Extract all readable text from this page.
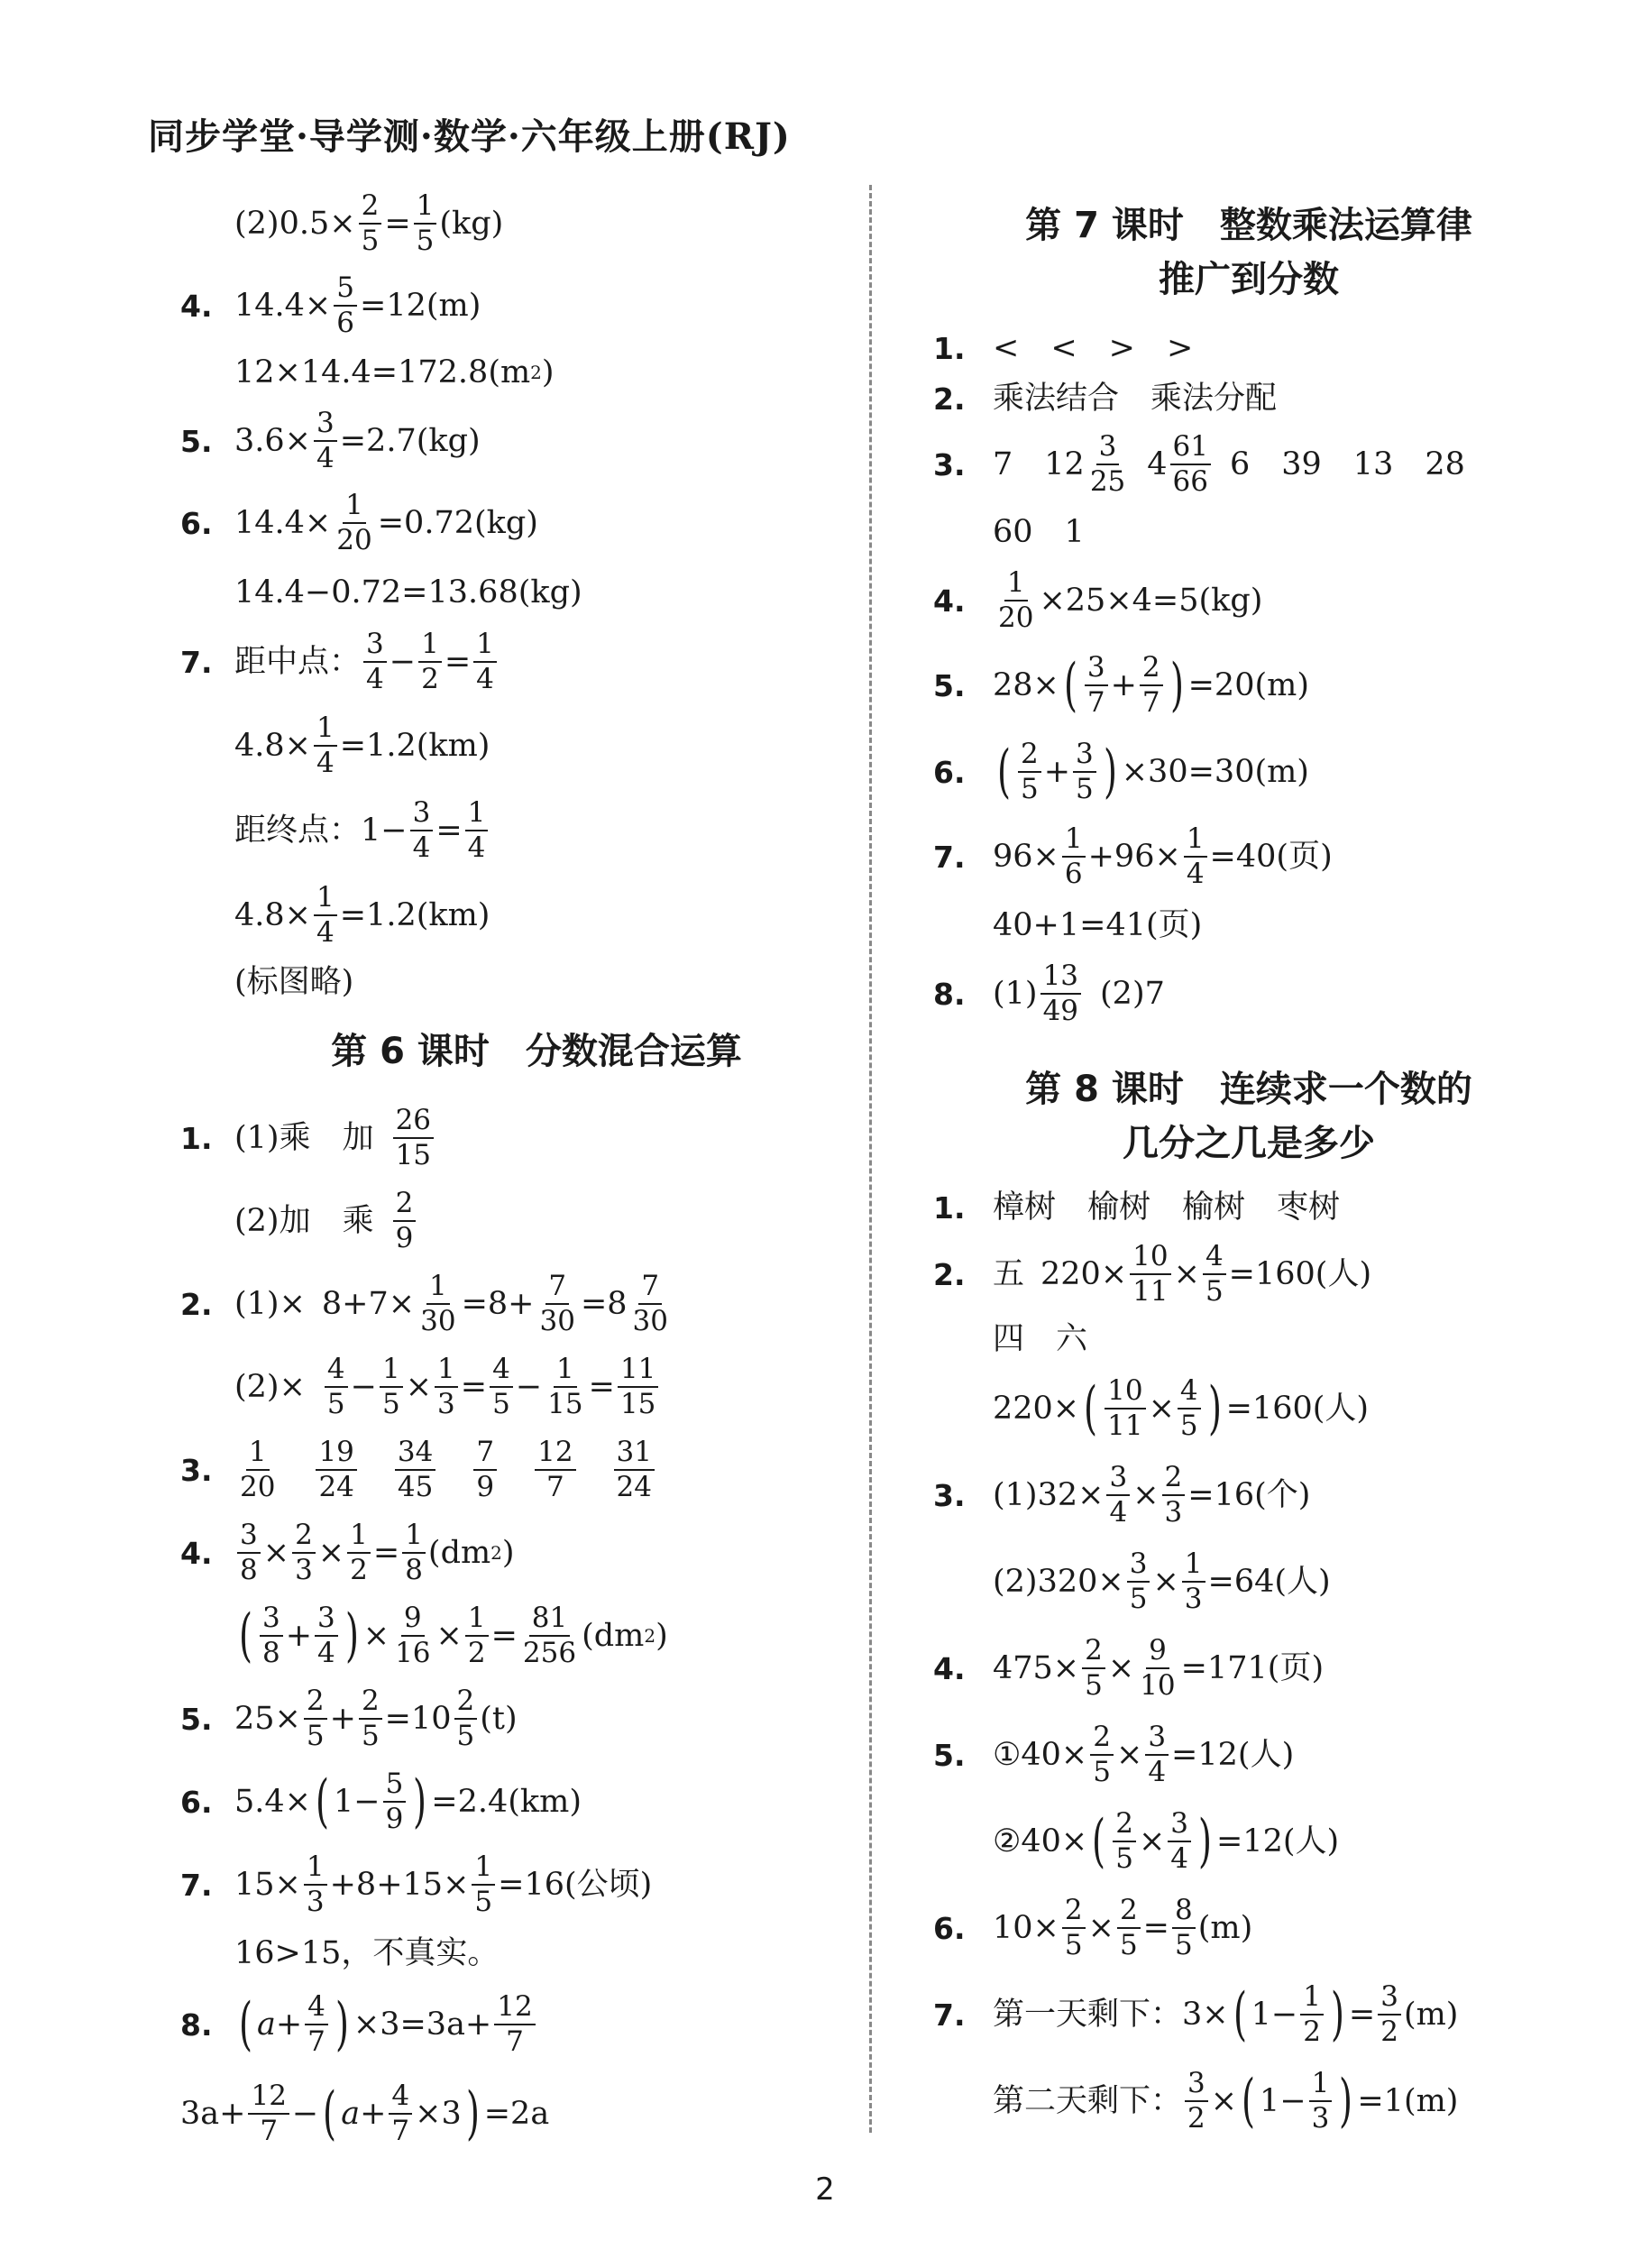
同步学堂·导学测·数学·六年级上册(RJ)
$(2)0.5\times \frac{2}{5} = \frac{1}{5} (kg)$
4. $14.4\times \frac{5}{6} =12(m)$
12×14.4=172.8(m 2 )
5. $3.6\times \frac{3}{4} =2.7(kg)$
6. $14.4\times \frac{1}{20} =0.72(kg)$
14.4−0.72=13.68(kg)
7. 距中点： $\frac{3}{4} - \frac{1}{2} = \frac{1}{4}$
$4.8\times \frac{1}{4} =1.2(km)$
距终点：$1- \frac{3}{4} = \frac{1}{4}$
$4.8\times \frac{1}{4} =1.2(km)$
(标图略)
第 6 课时　分数混合运算
1. (1)乘　加 $\frac{26}{15}$
(2)加　乘 $\frac{2}{9}$
2. $(1)\times 8+7\times \frac{1}{30} =8+ \frac{7}{30} =8 \frac{7}{30}$
$(2)\times \frac{4}{5} - \frac{1}{5} \times \frac{1}{3} = \frac{4}{5} - \frac{1}{15} = \frac{11}{15}$
3. $\frac{1}{20} \frac{19}{24} \frac{34}{45} \frac{7}{9} \frac{12}{7} \frac{31}{24}$
4. $\frac{3}{8} \times \frac{2}{3} \times \frac{1}{2} = \frac{1}{8} (dm$ 2 )
( $\frac{3}{8} + \frac{3}{4}$ ) × $\frac{9}{16} \times \frac{1}{2} = \frac{81}{256} (dm$ 2 )
5. $25\times \frac{2}{5} + \frac{2}{5} =10 \frac{2}{5} (t)$
6. 5.4× ( $1- \frac{5}{9}$ ) =2.4(km)
7. $15\times \frac{1}{3} +8+15\times \frac{1}{5} =16$(公顷)
16>15，不真实。
8. ( $a+ \frac{4}{7}$ ) $\times 3=3a+ \frac{12}{7}$
$3a+ \frac{12}{7}$ − ( $a+ \frac{4}{7} \times 3$ ) =2a
第 7 课时　整数乘法运算律
推广到分数
1. <　<　>　>
2. 乘法结合　乘法分配
3. 7　$12 \frac{3}{25} 4 \frac{61}{66} 6$　39　13　28
60　1
4.	$\frac{1}{20} \times 25\times 4=5(kg)$
5. 28× ( $\frac{3}{7} + \frac{2}{7}$ ) =20(m)
6. ( $\frac{2}{5} + \frac{3}{5}$ ) ×30=30(m)
7. $96\times \frac{1}{6} +96\times \frac{1}{4} =40$(页)
40+1=41(页)
8. $(1) \frac{13}{49} (2)7$
第 8 课时　连续求一个数的
几分之几是多少
1. 樟树　榆树　榆树　枣树
2. 五 $220\times \frac{10}{11} \times \frac{4}{5} =160$(人)
四　六
220× ( $\frac{10}{11} \times \frac{4}{5}$ ) =160(人)
3. $(1)32\times \frac{3}{4} \times \frac{2}{3} =16$(个)
$(2)320\times \frac{3}{5} \times \frac{1}{3} =64$(人)
4. $475\times \frac{2}{5} \times \frac{9}{10} =171$(页)
5. ①40× $\frac{2}{5} \times \frac{3}{4} =12$(人)
②40× ( $\frac{2}{5} \times \frac{3}{4}$ ) =12(人)
6. $10\times \frac{2}{5} \times \frac{2}{5} = \frac{8}{5} (m)$
7. 第一天剩下：3× ( $1- \frac{1}{2}$ ) = $\frac{3}{2} (m)$
第二天剩下： $\frac{3}{2}$ × ( $1- \frac{1}{3}$ ) =1(m)
2
